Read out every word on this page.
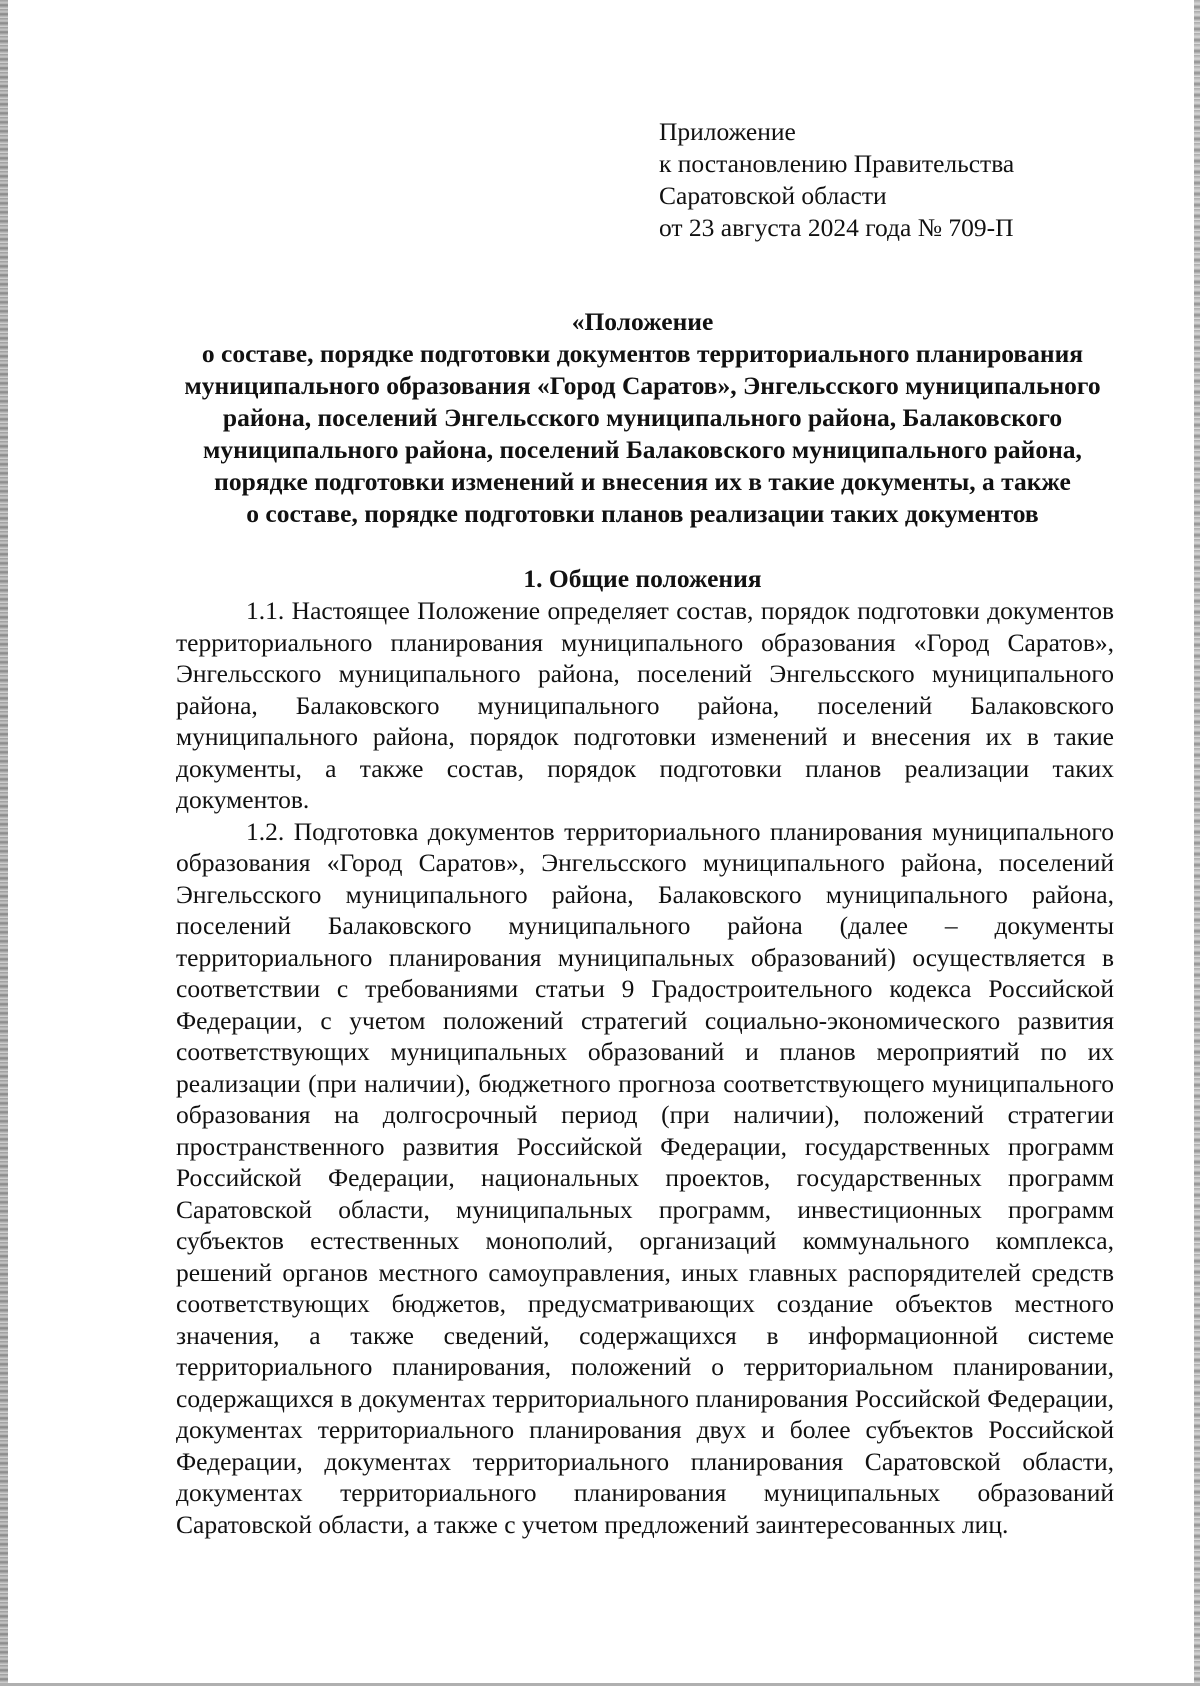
Приложение
к постановлению Правительства
Саратовской области
от 23 августа 2024 года № 709-П
«Положение
о составе, порядке подготовки документов территориального планирования
муниципального образования «Город Саратов», Энгельсского муниципального
района, поселений Энгельсского муниципального района, Балаковского
муниципального района, поселений Балаковского муниципального района,
порядке подготовки изменений и внесения их в такие документы, а также
о составе, порядке подготовки планов реализации таких документов
1. Общие положения

1.1. Настоящее Положение определяет состав, порядок подготовки документов территориального планирования муниципального образования «Город Саратов», Энгельсского муниципального района, поселений Энгельсского муниципального района, Балаковского муниципального района, поселений Балаковского муниципального района, порядок подготовки изменений и внесения их в такие документы, а также состав, порядок подготовки планов реализации таких документов.

1.2. Подготовка документов территориального планирования муниципального образования «Город Саратов», Энгельсского муниципального района, поселений Энгельсского муниципального района, Балаковского муниципального района, поселений Балаковского муниципального района (далее – документы территориального планирования муниципальных образований) осуществляется в соответствии с требованиями статьи 9 Градостроительного кодекса Российской Федерации, с учетом положений стратегий социально-экономического развития соответствующих муниципальных образований и планов мероприятий по их реализации (при наличии), бюджетного прогноза соответствующего муниципального образования на долгосрочный период (при наличии), положений стратегии пространственного развития Российской Федерации, государственных программ Российской Федерации, национальных проектов, государственных программ Саратовской области, муниципальных программ, инвестиционных программ субъектов естественных монополий, организаций коммунального комплекса, решений органов местного самоуправления, иных главных распорядителей средств соответствующих бюджетов, предусматривающих создание объектов местного значения, а также сведений, содержащихся в информационной системе территориального планирования, положений о территориальном планировании, содержащихся в документах территориального планирования Российской Федерации, документах территориального планирования двух и более субъектов Российской Федерации, документах территориального планирования Саратовской области, документах территориального планирования муниципальных образований Саратовской области, а также с учетом предложений заинтересованных лиц.
